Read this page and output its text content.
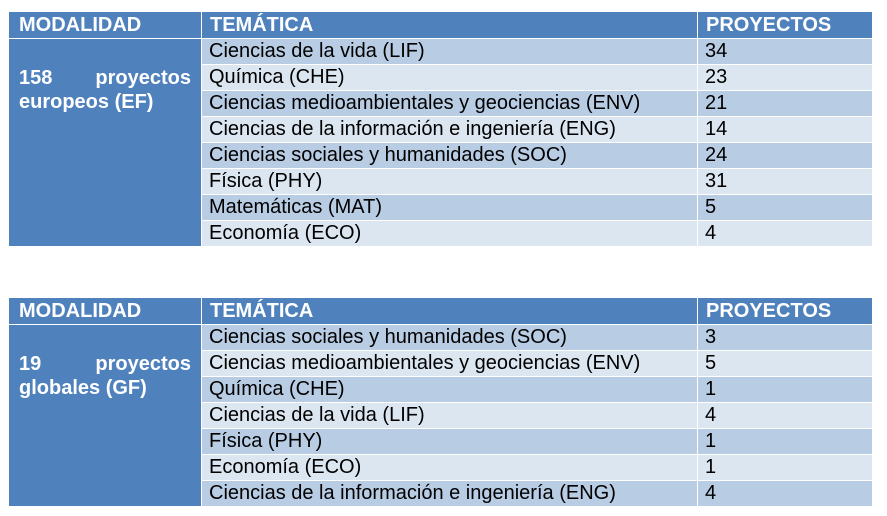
MODALIDAD	TEMÁTICA	PROYECTOS
158 proyectos europeos (EF)	Ciencias de la vida (LIF)	34
	Química (CHE)	23
	Ciencias medioambientales y geociencias (ENV)	21
	Ciencias de la información e ingeniería (ENG)	14
	Ciencias sociales y humanidades (SOC)	24
	Física (PHY)	31
	Matemáticas (MAT)	5
	Economía (ECO)	4
MODALIDAD	TEMÁTICA	PROYECTOS
19 proyectos globales (GF)	Ciencias sociales y humanidades (SOC)	3
	Ciencias medioambientales y geociencias (ENV)	5
	Química (CHE)	1
	Ciencias de la vida (LIF)	4
	Física (PHY)	1
	Economía (ECO)	1
	Ciencias de la información e ingeniería (ENG)	4
